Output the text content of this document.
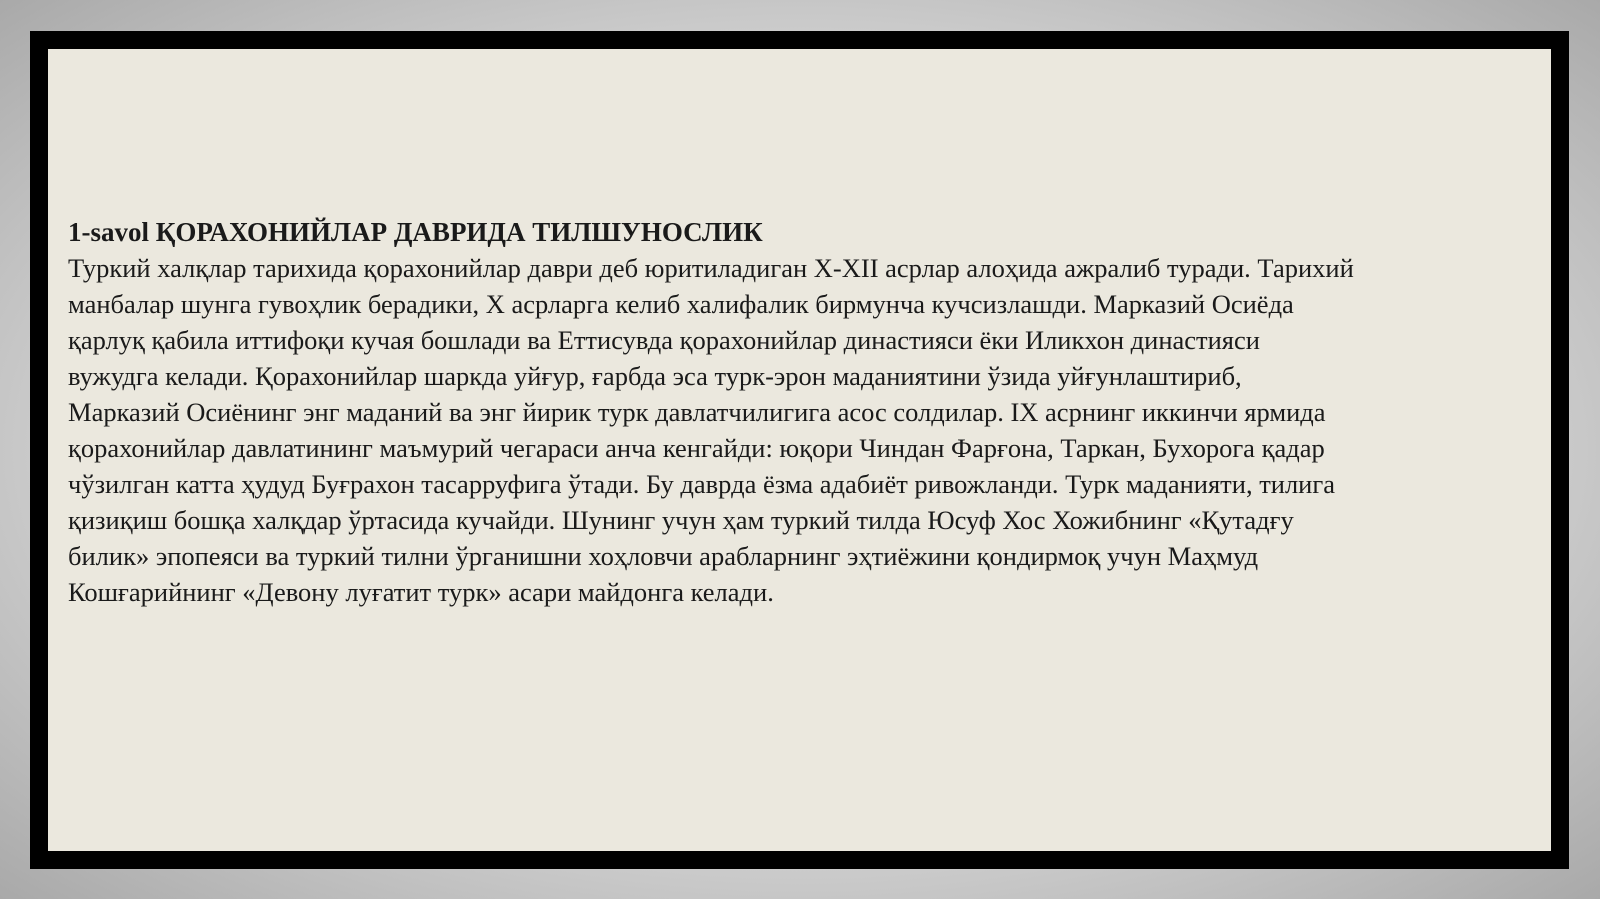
1-savol ҚОРАХОНИЙЛАР ДАВРИДА ТИЛШУНОСЛИК

Туркий халқлар тарихида қорахонийлар даври деб юритиладиган X-XII асрлар алоҳида ажралиб туради. Тарихий
манбалар шунга гувоҳлик берадики, X асрларга келиб халифалик бирмунча кучсизлашди. Марказий Осиёда
қарлуқ қабила иттифоқи кучая бошлади ва Еттисувда қорахонийлар династияси ёки Иликхон династияси
вужудга келади. Қорахонийлар шаркда уйғур, ғарбда эса турк-эрон маданиятини ўзида уйғунлаштириб,
Марказий Осиёнинг энг маданий ва энг йирик турк давлатчилигига асос солдилар. IX асрнинг иккинчи ярмида
қорахонийлар давлатининг маъмурий чегараси анча кенгайди: юқори Чиндан Фарғона, Таркан, Бухорога қадар
чўзилган катта ҳудуд Буғрахон тасарруфига ўтади. Бу даврда ёзма адабиёт ривожланди. Турк маданияти, тилига
қизиқиш бошқа халқдар ўртасида кучайди. Шунинг учун ҳам туркий тилда Юсуф Хос Хожибнинг «Қутадғу
билик» эпопеяси ва туркий тилни ўрганишни хоҳловчи арабларнинг эҳтиёжини қондирмоқ учун Маҳмуд
Кошғарийнинг «Девону луғатит турк» асари майдонга келади.
